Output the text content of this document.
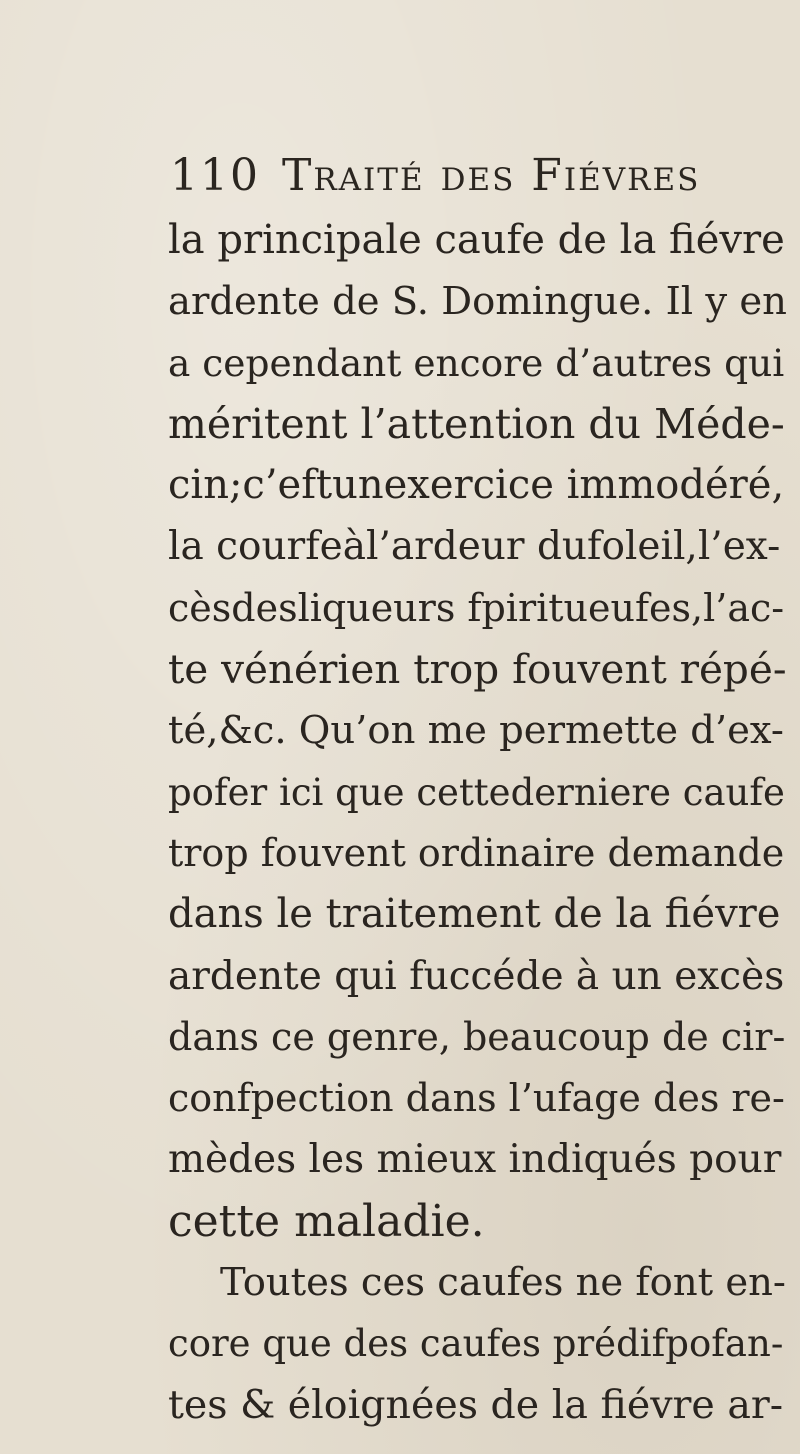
110 Traité des Fiévres
la principale caufe de la fiévre
ardente de S. Domingue. Il y en
a cependant encore d’autres qui
méritent l’attention du Méde-
cin;c’eftunexercice immodéré,
la courfeàl’ardeur dufoleil,l’ex-
cèsdesliqueurs fpiritueufes,l’ac-
te vénérien trop fouvent répé-
té,&c. Qu’on me permette d’ex-
pofer ici que cettederniere caufe
trop fouvent ordinaire demande
dans le traitement de la fiévre
ardente qui fuccéde à un excès
dans ce genre, beaucoup de cir-
confpection dans l’ufage des re-
mèdes les mieux indiqués pour
cette maladie.
Toutes ces caufes ne font en-
core que des caufes prédifpofan-
tes & éloignées de la fiévre ar-
